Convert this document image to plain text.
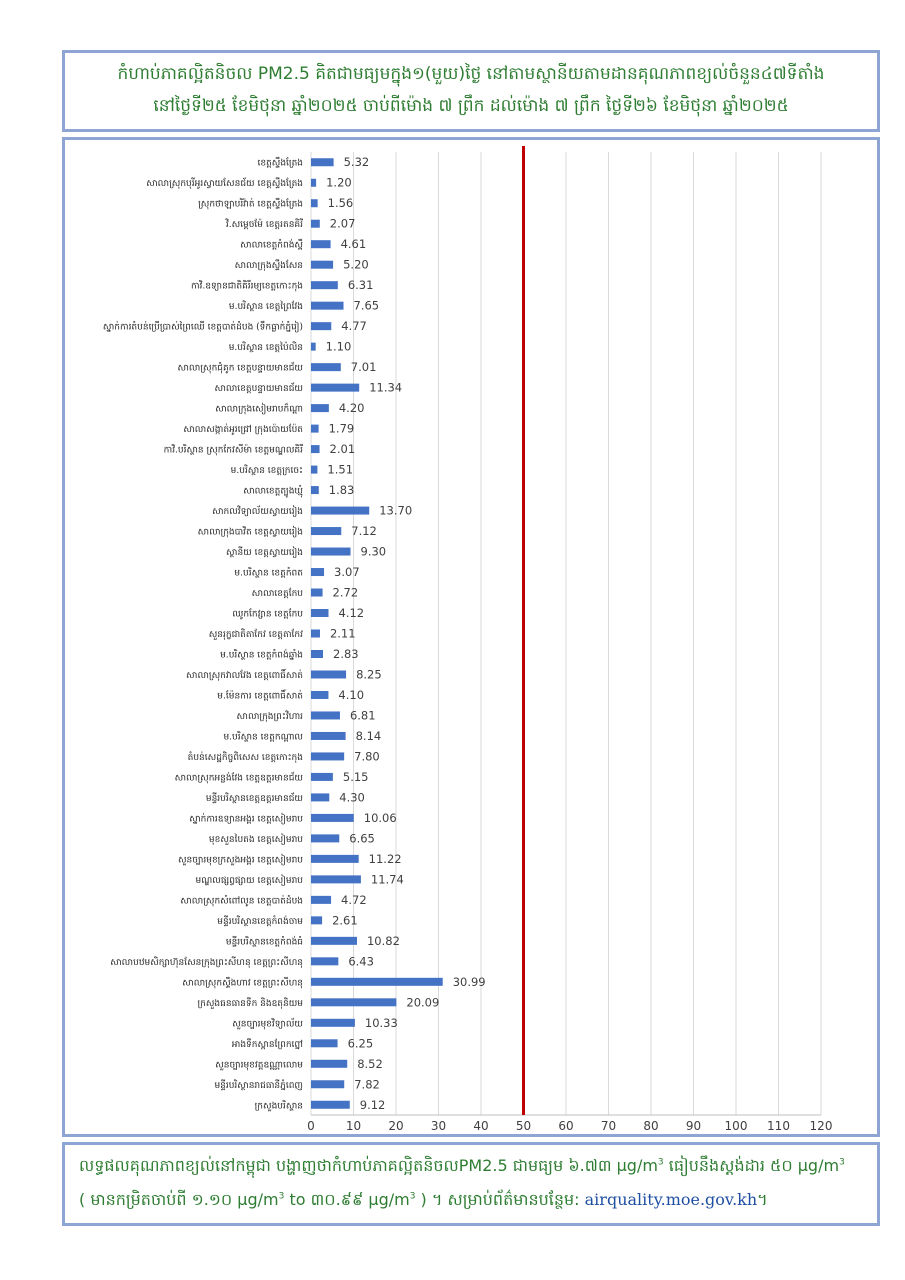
កំហាប់ភាគល្អិតនិចល PM2.5 គិតជាមធ្យមក្នុង១(មួយ)ថ្ងៃ នៅតាមស្ថានីយតាមដានគុណភាពខ្យល់ចំនួន៤៧ទីតាំង
នៅថ្ងៃទី២៥ ខែមិថុនា ឆ្នាំ២០២៥ ចាប់ពីម៉ោង ៧ ព្រឹក ដល់ម៉ោង ៧ ព្រឹក ថ្ងៃទី២៦ ខែមិថុនា ឆ្នាំ២០២៥
0	10 20 30 40 50 60 70 80 90 100 110 120
5.32
ខេត្តស្ទឹងត្រែង
1.20
សាលាស្រុកបុរីអូរស្វាយសែនជ័យ ខេត្តស្ទឹងត្រែង
1.56
ស្រុកថាឡាបរិវ៉ាត់ ខេត្តស្ទឹងត្រែង
2.07
វិ.សម្តេចម៉ែ ខេត្តរតនគិរី
4.61
សាលាខេត្តកំពង់ស្ពឺ
5.20
សាលាក្រុងស្ទឹងសែន
6.31
កាវិ.ឧទ្យានជាតិគិរីរម្យខេត្តកោះកុង
7.65
ម.បរិស្ថាន ខេត្តព្រៃវែង
4.77
ស្នាក់ការតំបន់ប្រើប្រាស់ព្រៃឈើ ខេត្តបាត់ដំបង (ទឹកធ្លាក់ភ្នំរៀ)
1.10
ម.បរិស្ថាន ខេត្តប៉ៃលិន
7.01
សាលាស្រុកជុំគូក ខេត្តបន្ទាយមានជ័យ
11.34
សាលាខេត្តបន្ទាយមានជ័យ
4.20
សាលាក្រុងសៀមរាបក៏ណ្ដា
1.79
សាលាសង្កាត់អូរជ្រៅ ក្រុងប៉ោយប៉ែត
2.01
កាវិ.បរិស្ថាន ស្រុកកែវសីម៉ា ខេត្តមណ្ឌលគិរី
1.51
ម.បរិស្ថាន ខេត្តក្រចេះ
1.83
សាលាខេត្តត្បូងឃ្មុំ
13.70
សាកលវិទ្យាល័យស្វាយរៀង
7.12
សាលាក្រុងបាវិត ខេត្តស្វាយរៀង
9.30
ស្ថានីយ ខេត្តស្វាយរៀង
3.07
ម.បរិស្ថាន ខេត្តកំពត
2.72
សាលាខេត្តកែប
4.12
ឈូកកែវ្សាន ខេត្តកែប
2.11
សួនរុក្ខជាតិតាកែវ ខេត្តតាកែវ
2.83
ម.បរិស្ថាន ខេត្តកំពង់ឆ្នាំង
8.25
សាលាស្រុកវាលវែង ខេត្តពោធិ៍សាត់
4.10
ម.ម៉ែនការ ខេត្តពោធិ៍សាត់
6.81
សាលាក្រុងព្រះវិហារ
8.14
ម.បរិស្ថាន ខេត្តកណ្ដាល
7.80
តំបន់សេដ្ឋកិច្ចពិសេស ខេត្តកោះកុង
5.15
សាលាស្រុកអន្លង់វែង ខេត្តឧត្តរមានជ័យ
4.30
មន្ទីរបរិស្ថានខេត្តឧត្តរមានជ័យ
10.06
ស្នាក់ការឧទ្យានអង្គរ ខេត្តសៀមរាប
6.65
មុខសួនបៃតង ខេត្តសៀមរាប
11.22
សួនច្បារមុខក្រសួងអង្គរ ខេត្តសៀមរាប
11.74
មណ្ឌលផ្សព្វផ្សាយ ខេត្តសៀមរាប
4.72
សាលាស្រុកសំពៅលូន ខេត្តបាត់ដំបង
2.61
មន្ទីរបរិស្ថានខេត្តកំពង់ចាម
10.82
មន្ទីរបរិស្ថានខេត្តកំពង់ធំ
6.43
សាលាបឋមសិក្សាហ៊ុនសែនក្រុងព្រះសីហនុ ខេត្តព្រះសីហនុ
30.99
សាលាស្រុកស្ទឹងហាវ ខេត្តព្រះសីហនុ
20.09
ក្រសួងធនធានទឹក និងឧតុនិយម
10.33
សួនច្បារមុខវិទ្យាល័យ
6.25
អាងទឹកស្ពានព្រែកព្នៅ
8.52
សួនច្បារមុខវត្តឧណ្ណាលោម
7.82
មន្ទីរបរិស្ថានរាជធានីភ្នំពេញ
9.12
ក្រសួងបរិស្ថាន
លទ្ធផលគុណភាពខ្យល់នៅកម្ពុជា បង្ហាញថាកំហាប់ភាគល្អិតនិចលPM2.5 ជាមធ្យម ៦.៧៣ $\mu g/m^3$ ធៀបនឹងស្តង់ដារ ៥០ $\mu g/m^3$
( មានកម្រិតចាប់ពី ១.១០ $\mu g/m^3$ to ៣០.៩៩ $\mu g/m^3$ ) ។ សម្រាប់ព័ត៌មានបន្ថែម: airquality.moe.gov.kh។
